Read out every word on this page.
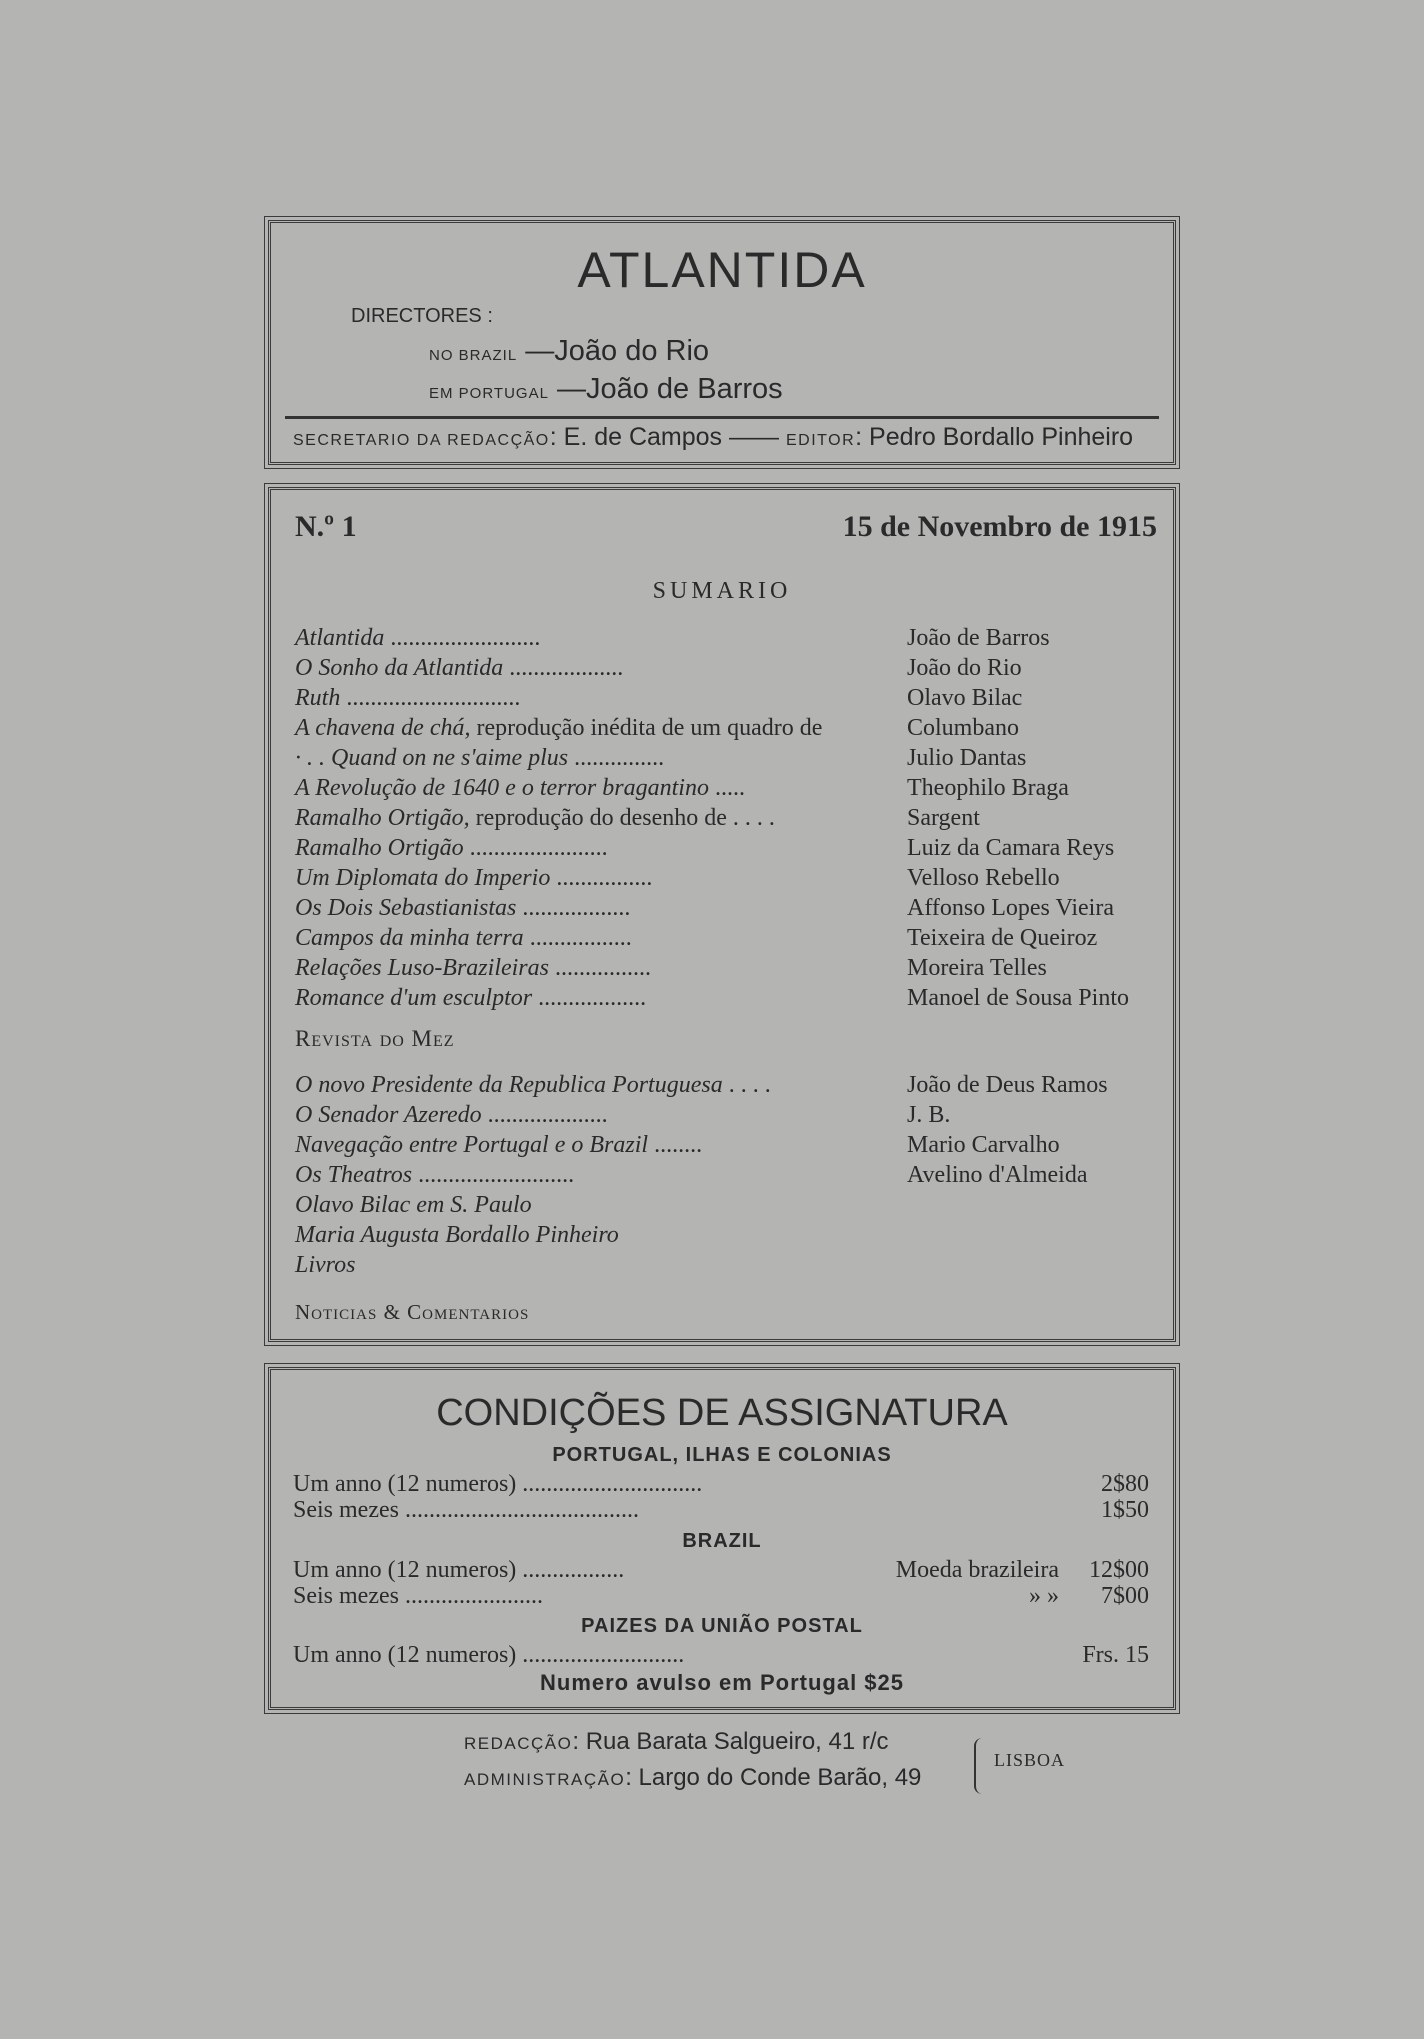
ATLANTIDA
DIRECTORES :
NO BRAZIL —João do Rio
EM PORTUGAL —João de Barros
SECRETARIO DA REDACÇÃO: E. de Campos —— EDITOR: Pedro Bordallo Pinheiro
N.º 1	15 de Novembro de 1915
SUMARIO
Atlantida .........................	João de Barros
O Sonho da Atlantida ...................	João do Rio
Ruth .............................	Olavo Bilac
A chavena de chá, reprodução inédita de um quadro de	Columbano
· . . Quand on ne s'aime plus ...............	Julio Dantas
A Revolução de 1640 e o terror bragantino .....	Theophilo Braga
Ramalho Ortigão, reprodução do desenho de . . . .	Sargent
Ramalho Ortigão .......................	Luiz da Camara Reys
Um Diplomata do Imperio ................	Velloso Rebello
Os Dois Sebastianistas ..................	Affonso Lopes Vieira
Campos da minha terra .................	Teixeira de Queiroz
Relações Luso-Brazileiras ................	Moreira Telles
Romance d'um esculptor ..................	Manoel de Sousa Pinto
Revista do Mez
O novo Presidente da Republica Portuguesa . . . .	João de Deus Ramos
O Senador Azeredo ....................	J. B.
Navegação entre Portugal e o Brazil ........	Mario Carvalho
Os Theatros ..........................	Avelino d'Almeida
Olavo Bilac em S. Paulo
Maria Augusta Bordallo Pinheiro
Livros
Noticias & Comentarios
CONDIÇÕES DE ASSIGNATURA
PORTUGAL, ILHAS E COLONIAS
Um anno (12 numeros) ..............................	2$80
Seis mezes .......................................	1$50
BRAZIL
Um anno (12 numeros) .................	Moeda brazileira 12$00
Seis mezes .......................	» » 7$00
PAIZES DA UNIÃO POSTAL
Um anno (12 numeros) ...........................	Frs. 15
Numero avulso em Portugal $25
REDACÇÃO: Rua Barata Salgueiro, 41 r/c
ADMINISTRAÇÃO: Largo do Conde Barão, 49
LISBOA
